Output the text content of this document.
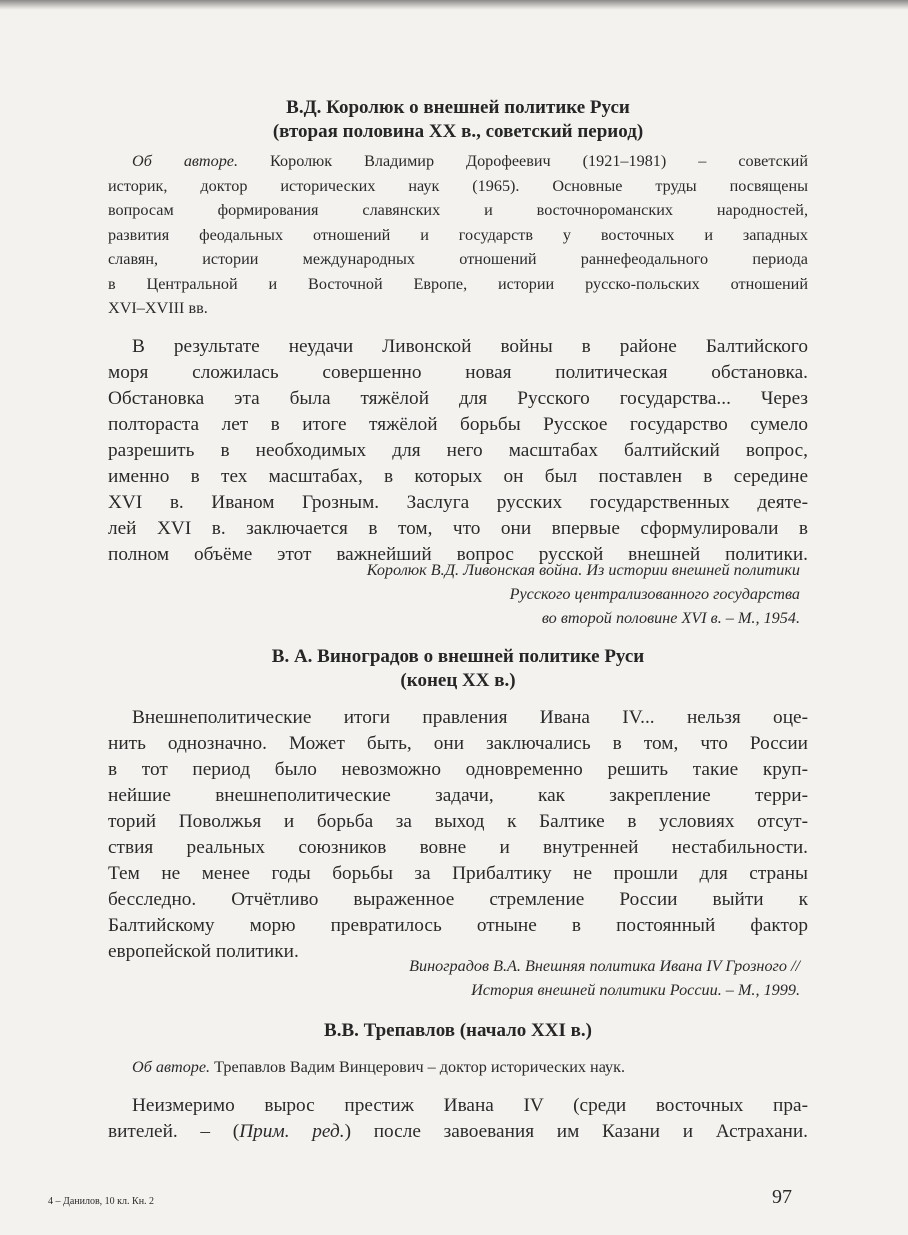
В.Д. Королюк о внешней политике Руси
(вторая половина XX в., советский период)
Об авторе. Королюк Владимир Дорофеевич (1921–1981) – советский
историк, доктор исторических наук (1965). Основные труды посвящены
вопросам формирования славянских и восточнороманских народностей,
развития феодальных отношений и государств у восточных и западных
славян, истории международных отношений раннефеодального периода
в Центральной и Восточной Европе, истории русско-польских отношений
XVI–XVIII вв.
В результате неудачи Ливонской войны в районе Балтийского
моря сложилась совершенно новая политическая обстановка.
Обстановка эта была тяжёлой для Русского государства... Через
полтораста лет в итоге тяжёлой борьбы Русское государство сумело
разрешить в необходимых для него масштабах балтийский вопрос,
именно в тех масштабах, в которых он был поставлен в середине
XVI в. Иваном Грозным. Заслуга русских государственных деяте-
лей XVI в. заключается в том, что они впервые сформулировали в
полном объёме этот важнейший вопрос русской внешней политики.
Королюк В.Д. Ливонская война. Из истории внешней политики
Русского централизованного государства
во второй половине XVI в. – М., 1954.
В. А. Виноградов о внешней политике Руси
(конец XX в.)
Внешнеполитические итоги правления Ивана IV... нельзя оце-
нить однозначно. Может быть, они заключались в том, что России
в тот период было невозможно одновременно решить такие круп-
нейшие внешнеполитические задачи, как закрепление терри-
торий Поволжья и борьба за выход к Балтике в условиях отсут-
ствия реальных союзников вовне и внутренней нестабильности.
Тем не менее годы борьбы за Прибалтику не прошли для страны
бесследно. Отчётливо выраженное стремление России выйти к
Балтийскому морю превратилось отныне в постоянный фактор
европейской политики.
Виноградов В.А. Внешняя политика Ивана IV Грозного //
История внешней политики России. – М., 1999.
В.В. Трепавлов (начало XXI в.)
Об авторе. Трепавлов Вадим Винцерович – доктор исторических наук.
Неизмеримо вырос престиж Ивана IV (среди восточных пра-
вителей. – (Прим. ред.) после завоевания им Казани и Астрахани.
4 – Данилов, 10 кл. Кн. 2	97
